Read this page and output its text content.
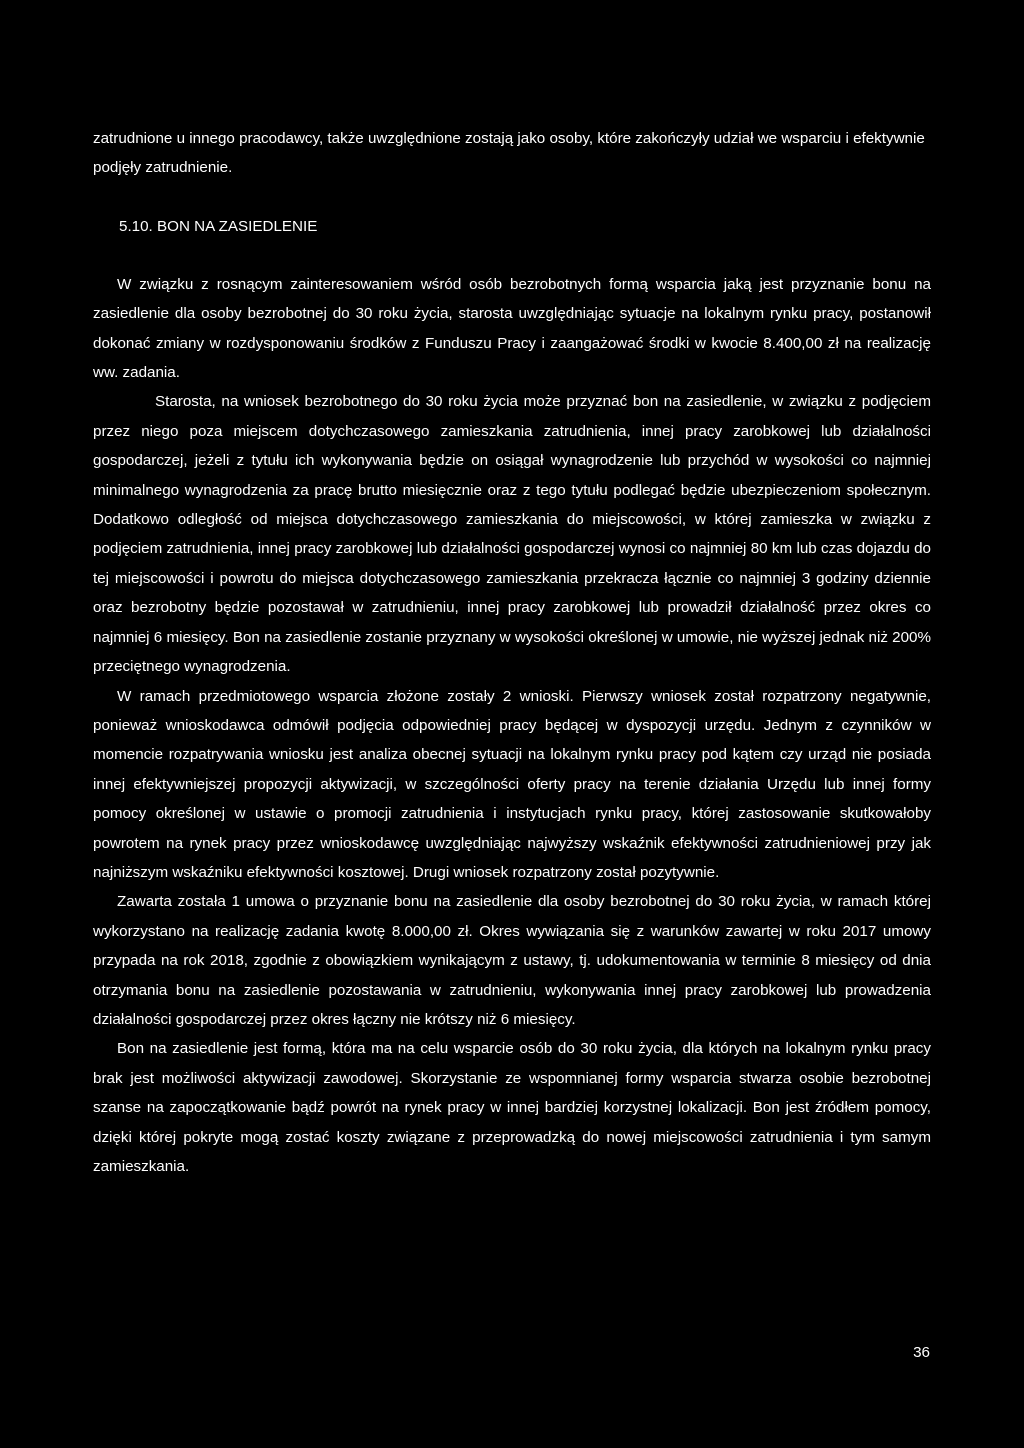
zatrudnione u innego pracodawcy, także uwzględnione zostają jako osoby, które zakończyły udział we wsparciu i efektywnie podjęły zatrudnienie.

5.10. BON NA ZASIEDLENIE

W związku z rosnącym zainteresowaniem wśród osób bezrobotnych formą wsparcia jaką jest przyznanie bonu na zasiedlenie dla osoby bezrobotnej do 30 roku życia, starosta uwzględniając sytuacje na lokalnym rynku pracy, postanowił dokonać zmiany w rozdysponowaniu środków z Funduszu Pracy i zaangażować środki w kwocie 8.400,00 zł na realizację ww. zadania.

Starosta, na wniosek bezrobotnego do 30 roku życia może przyznać bon na zasiedlenie, w związku z podjęciem przez niego poza miejscem dotychczasowego zamieszkania zatrudnienia, innej pracy zarobkowej lub działalności gospodarczej, jeżeli z tytułu ich wykonywania będzie on osiągał wynagrodzenie lub przychód w wysokości co najmniej minimalnego wynagrodzenia za pracę brutto miesięcznie oraz z tego tytułu podlegać będzie ubezpieczeniom społecznym. Dodatkowo odległość od miejsca dotychczasowego zamieszkania do miejscowości, w której zamieszka w związku z podjęciem zatrudnienia, innej pracy zarobkowej lub działalności gospodarczej wynosi co najmniej 80 km lub czas dojazdu do tej miejscowości i powrotu do miejsca dotychczasowego zamieszkania przekracza łącznie co najmniej 3 godziny dziennie oraz bezrobotny będzie pozostawał w zatrudnieniu, innej pracy zarobkowej lub prowadził działalność przez okres co najmniej 6 miesięcy. Bon na zasiedlenie zostanie przyznany w wysokości określonej w umowie, nie wyższej jednak niż 200% przeciętnego wynagrodzenia.

W ramach przedmiotowego wsparcia złożone zostały 2 wnioski. Pierwszy wniosek został rozpatrzony negatywnie, ponieważ wnioskodawca odmówił podjęcia odpowiedniej pracy będącej w dyspozycji urzędu. Jednym z czynników w momencie rozpatrywania wniosku jest analiza obecnej sytuacji na lokalnym rynku pracy pod kątem czy urząd nie posiada innej efektywniejszej propozycji aktywizacji, w szczególności oferty pracy na terenie działania Urzędu lub innej formy pomocy określonej w ustawie o promocji zatrudnienia i instytucjach rynku pracy, której zastosowanie skutkowałoby powrotem na rynek pracy przez wnioskodawcę uwzględniając najwyższy wskaźnik efektywności zatrudnieniowej przy jak najniższym wskaźniku efektywności kosztowej. Drugi wniosek rozpatrzony został pozytywnie.

Zawarta została 1 umowa o przyznanie bonu na zasiedlenie dla osoby bezrobotnej do 30 roku życia, w ramach której wykorzystano na realizację zadania kwotę 8.000,00 zł. Okres wywiązania się z warunków zawartej w roku 2017 umowy przypada na rok 2018, zgodnie z obowiązkiem wynikającym z ustawy, tj. udokumentowania w terminie 8 miesięcy od dnia otrzymania bonu na zasiedlenie pozostawania w zatrudnieniu, wykonywania innej pracy zarobkowej lub prowadzenia działalności gospodarczej przez okres łączny nie krótszy niż 6 miesięcy.

Bon na zasiedlenie jest formą, która ma na celu wsparcie osób do 30 roku życia, dla których na lokalnym rynku pracy brak jest możliwości aktywizacji zawodowej. Skorzystanie ze wspomnianej formy wsparcia stwarza osobie bezrobotnej szanse na zapoczątkowanie bądź powrót na rynek pracy w innej bardziej korzystnej lokalizacji. Bon jest źródłem pomocy, dzięki której pokryte mogą zostać koszty związane z przeprowadzką do nowej miejscowości zatrudnienia i tym samym zamieszkania.

36
